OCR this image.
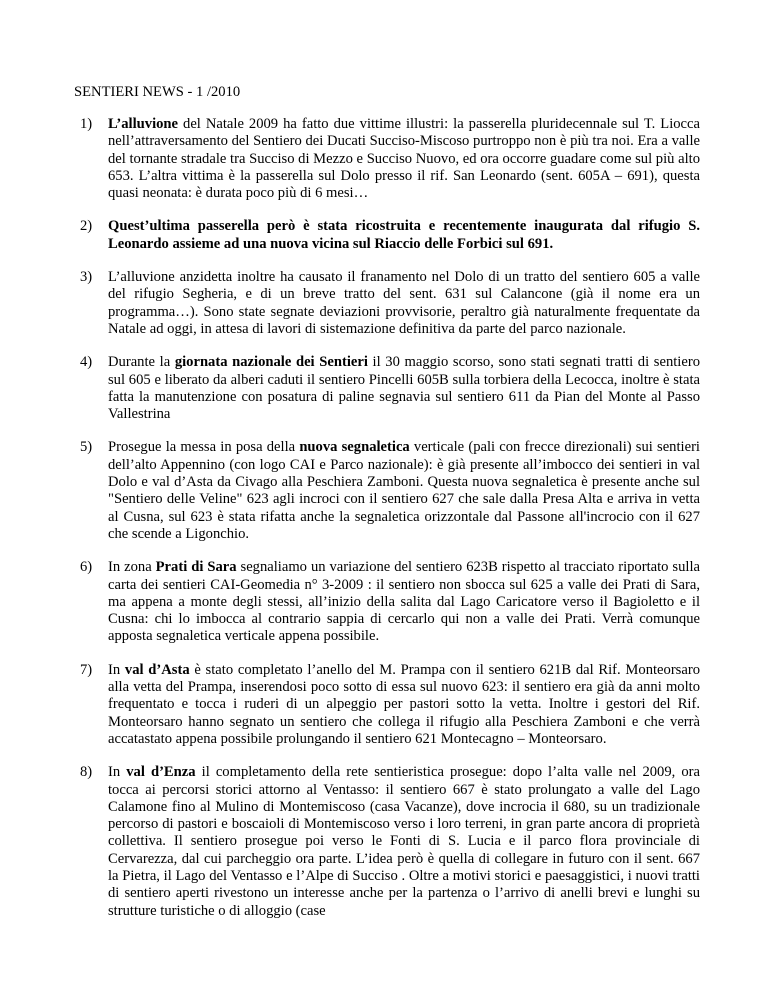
SENTIERI NEWS - 1 /2010
1) L’alluvione del Natale 2009 ha fatto due vittime illustri: la passerella pluridecennale sul T. Liocca nell’attraversamento del Sentiero dei Ducati Succiso-Miscoso purtroppo non è più tra noi. Era a valle del tornante stradale tra Succiso di Mezzo e Succiso Nuovo, ed ora occorre guadare come sul più alto 653. L’altra vittima è la passerella sul Dolo presso il rif. San Leonardo (sent. 605A – 691), questa quasi neonata: è durata poco più di 6 mesi…
2) Quest’ultima passerella però è stata ricostruita e recentemente inaugurata dal rifugio S. Leonardo assieme ad una nuova vicina sul Riaccio delle Forbici sul 691.
3) L’alluvione anzidetta inoltre ha causato il franamento nel Dolo di un tratto del sentiero 605 a valle del rifugio Segheria, e di un breve tratto del sent. 631 sul Calancone (già il nome era un programma…). Sono state segnate deviazioni provvisorie, peraltro già naturalmente frequentate da Natale ad oggi, in attesa di lavori di sistemazione definitiva da parte del parco nazionale.
4) Durante la giornata nazionale dei Sentieri il 30 maggio scorso, sono stati segnati tratti di sentiero sul 605 e liberato da alberi caduti il sentiero Pincelli 605B sulla torbiera della Lecocca, inoltre è stata fatta la manutenzione con posatura di paline segnavia sul sentiero 611 da Pian del Monte al Passo Vallestrina
5) Prosegue la messa in posa della nuova segnaletica verticale (pali con frecce direzionali) sui sentieri dell’alto Appennino (con logo CAI e Parco nazionale): è già presente all’imbocco dei sentieri in val Dolo e val d’Asta da Civago alla Peschiera Zamboni. Questa nuova segnaletica è presente anche sul "Sentiero delle Veline" 623 agli incroci con il sentiero 627 che sale dalla Presa Alta e arriva in vetta al Cusna, sul 623 è stata rifatta anche la segnaletica orizzontale dal Passone all'incrocio con il 627 che scende a Ligonchio.
6) In zona Prati di Sara segnaliamo un variazione del sentiero 623B rispetto al tracciato riportato sulla carta dei sentieri CAI-Geomedia n° 3-2009 : il sentiero non sbocca sul 625 a valle dei Prati di Sara, ma appena a monte degli stessi, all’inizio della salita dal Lago Caricatore verso il Bagioletto e il Cusna: chi lo imbocca al contrario sappia di cercarlo qui non a valle dei Prati. Verrà comunque apposta segnaletica verticale appena possibile.
7) In val d’Asta è stato completato l’anello del M. Prampa con il sentiero 621B dal Rif. Monteorsaro alla vetta del Prampa, inserendosi poco sotto di essa sul nuovo 623: il sentiero era già da anni molto frequentato e tocca i ruderi di un alpeggio per pastori sotto la vetta. Inoltre i gestori del Rif. Monteorsaro hanno segnato un sentiero che collega il rifugio alla Peschiera Zamboni e che verrà accatastato appena possibile prolungando il sentiero 621 Montecagno – Monteorsaro.
8) In val d’Enza il completamento della rete sentieristica prosegue: dopo l’alta valle nel 2009, ora tocca ai percorsi storici attorno al Ventasso: il sentiero 667 è stato prolungato a valle del Lago Calamone fino al Mulino di Montemiscoso (casa Vacanze), dove incrocia il 680, su un tradizionale percorso di pastori e boscaioli di Montemiscoso verso i loro terreni, in gran parte ancora di proprietà collettiva. Il sentiero prosegue poi verso le Fonti di S. Lucia e il parco flora provinciale di Cervarezza, dal cui parcheggio ora parte. L’idea però è quella di collegare in futuro con il sent. 667 la Pietra, il Lago del Ventasso e l’Alpe di Succiso . Oltre a motivi storici e paesaggistici, i nuovi tratti di sentiero aperti rivestono un interesse anche per la partenza o l’arrivo di anelli brevi e lunghi su strutture turistiche o di alloggio (case
